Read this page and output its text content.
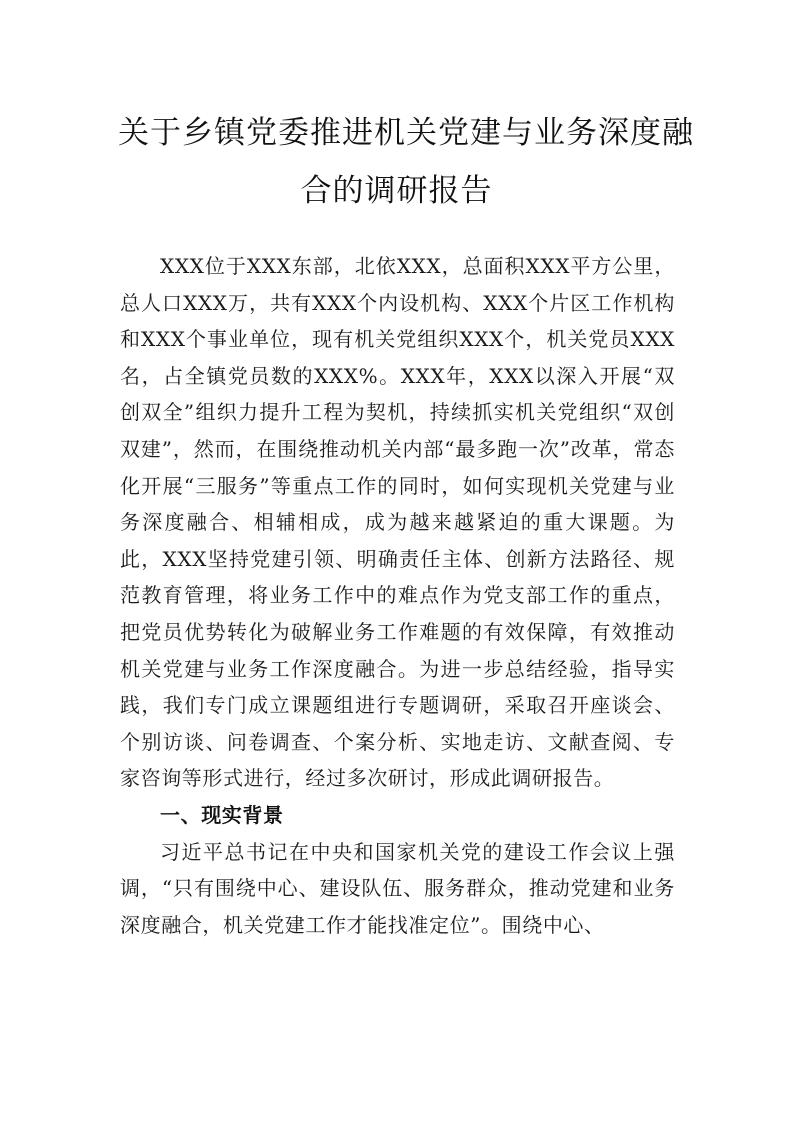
关于乡镇党委推进机关党建与业务深度融
合的调研报告

XXX位于XXX东部，北依XXX，总面积XXX平方公里，总人口XXX万，共有XXX个内设机构、XXX个片区工作机构和XXX个事业单位，现有机关党组织XXX个，机关党员XXX名，占全镇党员数的XXX%。XXX年，XXX以深入开展“双创双全”组织力提升工程为契机，持续抓实机关党组织“双创双建”，然而，在围绕推动机关内部“最多跑一次”改革，常态化开展“三服务”等重点工作的同时，如何实现机关党建与业务深度融合、相辅相成，成为越来越紧迫的重大课题。为此，XXX坚持党建引领、明确责任主体、创新方法路径、规范教育管理，将业务工作中的难点作为党支部工作的重点，把党员优势转化为破解业务工作难题的有效保障，有效推动机关党建与业务工作深度融合。为进一步总结经验，指导实践，我们专门成立课题组进行专题调研，采取召开座谈会、个别访谈、问卷调查、个案分析、实地走访、文献查阅、专家咨询等形式进行，经过多次研讨，形成此调研报告。

一、现实背景

习近平总书记在中央和国家机关党的建设工作会议上强调，“只有围绕中心、建设队伍、服务群众，推动党建和业务深度融合，机关党建工作才能找准定位”。围绕中心、
